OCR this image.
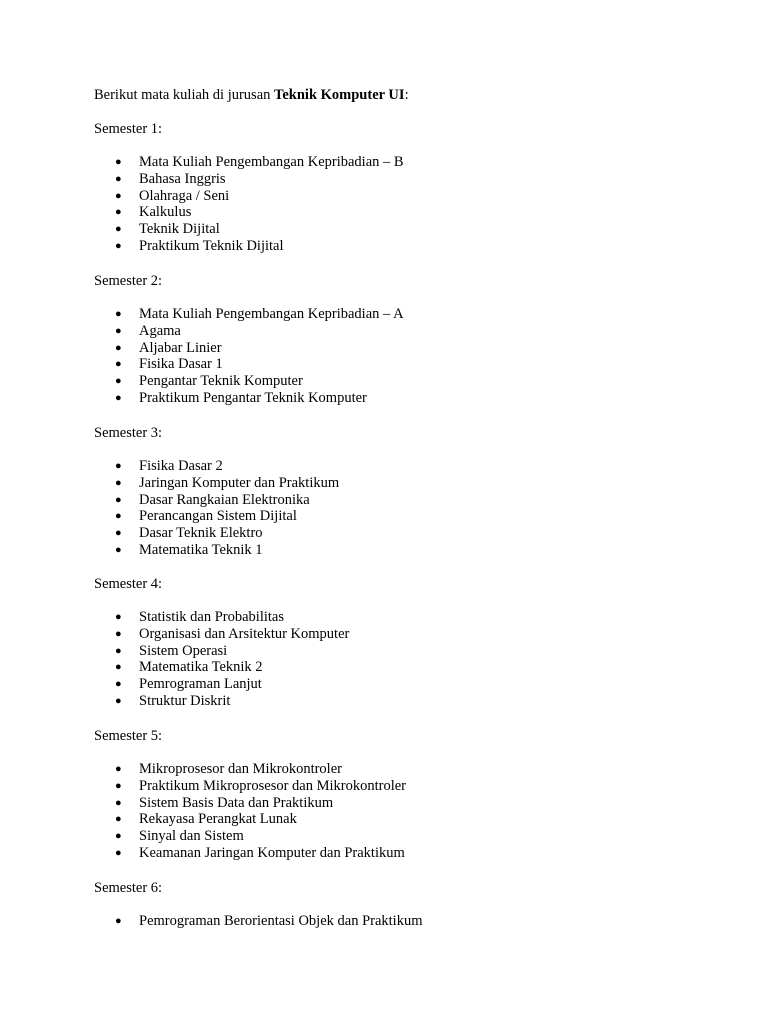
Berikut mata kuliah di jurusan Teknik Komputer UI:

Semester 1:

● Mata Kuliah Pengembangan Kepribadian – B
● Bahasa Inggris
● Olahraga / Seni
● Kalkulus
● Teknik Dijital
● Praktikum Teknik Dijital

Semester 2:

● Mata Kuliah Pengembangan Kepribadian – A
● Agama
● Aljabar Linier
● Fisika Dasar 1
● Pengantar Teknik Komputer
● Praktikum Pengantar Teknik Komputer

Semester 3:

● Fisika Dasar 2
● Jaringan Komputer dan Praktikum
● Dasar Rangkaian Elektronika
● Perancangan Sistem Dijital
● Dasar Teknik Elektro
● Matematika Teknik 1

Semester 4:

● Statistik dan Probabilitas
● Organisasi dan Arsitektur Komputer
● Sistem Operasi
● Matematika Teknik 2
● Pemrograman Lanjut
● Struktur Diskrit

Semester 5:

● Mikroprosesor dan Mikrokontroler
● Praktikum Mikroprosesor dan Mikrokontroler
● Sistem Basis Data dan Praktikum
● Rekayasa Perangkat Lunak
● Sinyal dan Sistem
● Keamanan Jaringan Komputer dan Praktikum

Semester 6:

● Pemrograman Berorientasi Objek dan Praktikum
